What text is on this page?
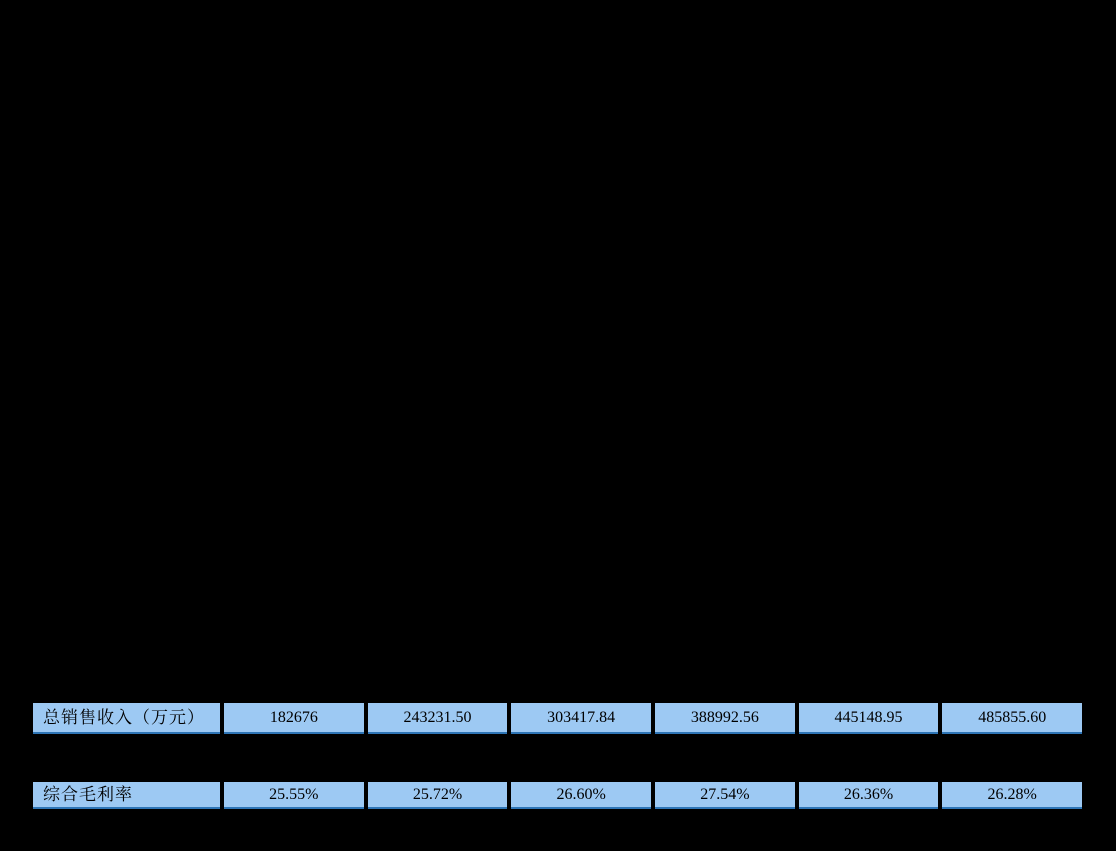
总销售收入（万元）	182676	243231.50	303417.84	388992.56	445148.95	485855.60
综合毛利率	25.55%	25.72%	26.60%	27.54%	26.36%	26.28%
